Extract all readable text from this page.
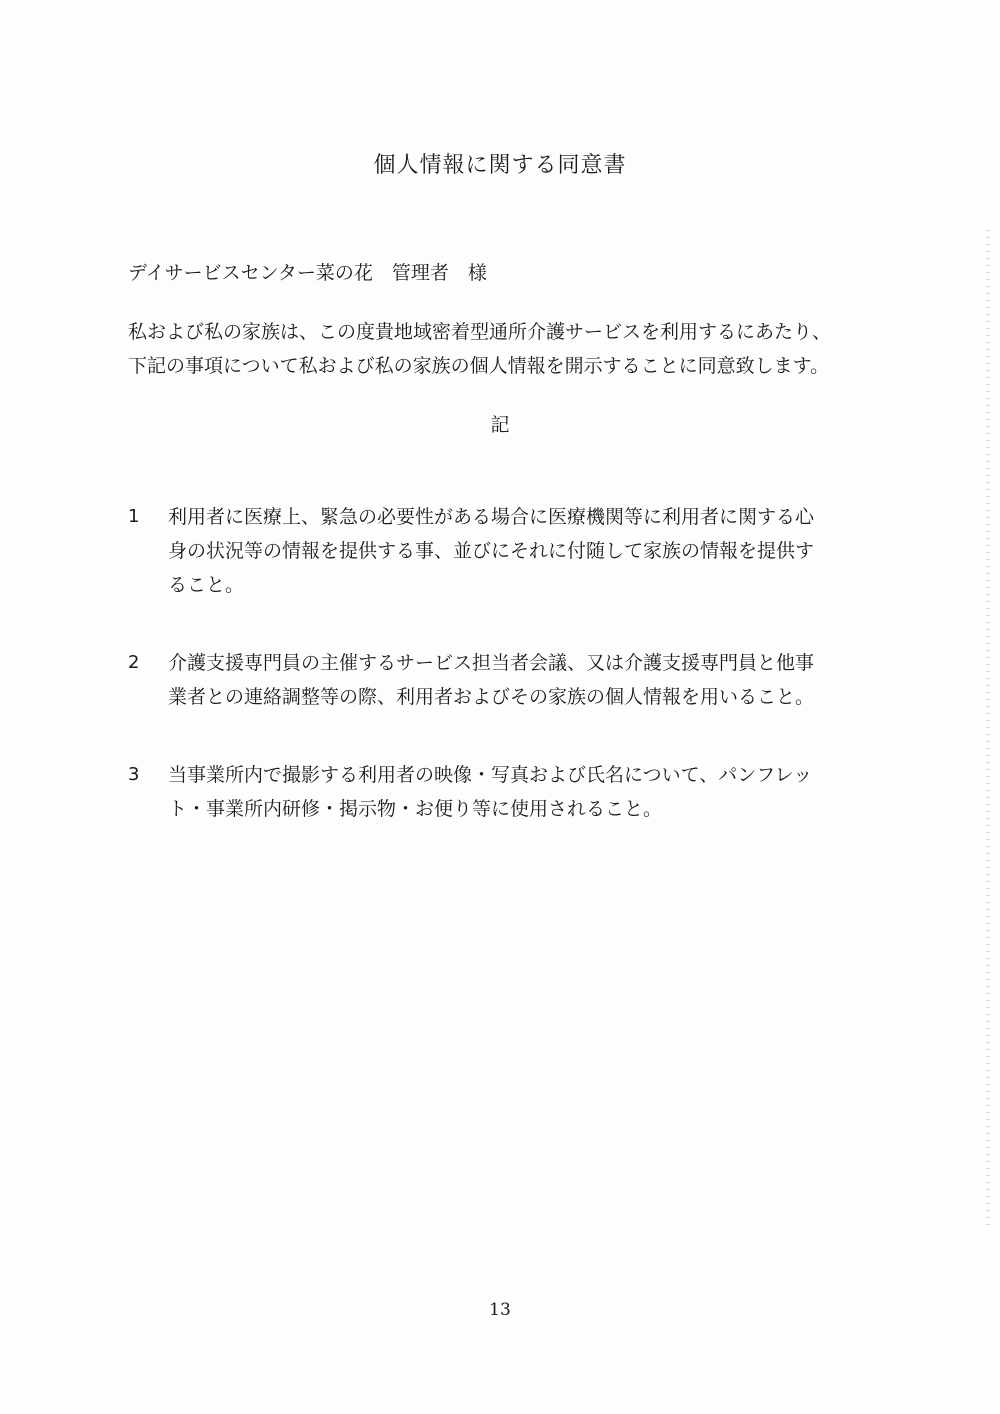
個人情報に関する同意書
デイサービスセンター菜の花　管理者　様
私および私の家族は、この度貴地域密着型通所介護サービスを利用するにあたり、
下記の事項について私および私の家族の個人情報を開示することに同意致します。
記
1	利用者に医療上、緊急の必要性がある場合に医療機関等に利用者に関する心
身の状況等の情報を提供する事、並びにそれに付随して家族の情報を提供す
ること。
2	介護支援専門員の主催するサービス担当者会議、又は介護支援専門員と他事
業者との連絡調整等の際、利用者およびその家族の個人情報を用いること。
3	当事業所内で撮影する利用者の映像・写真および氏名について、パンフレッ
ト・事業所内研修・掲示物・お便り等に使用されること。
13
